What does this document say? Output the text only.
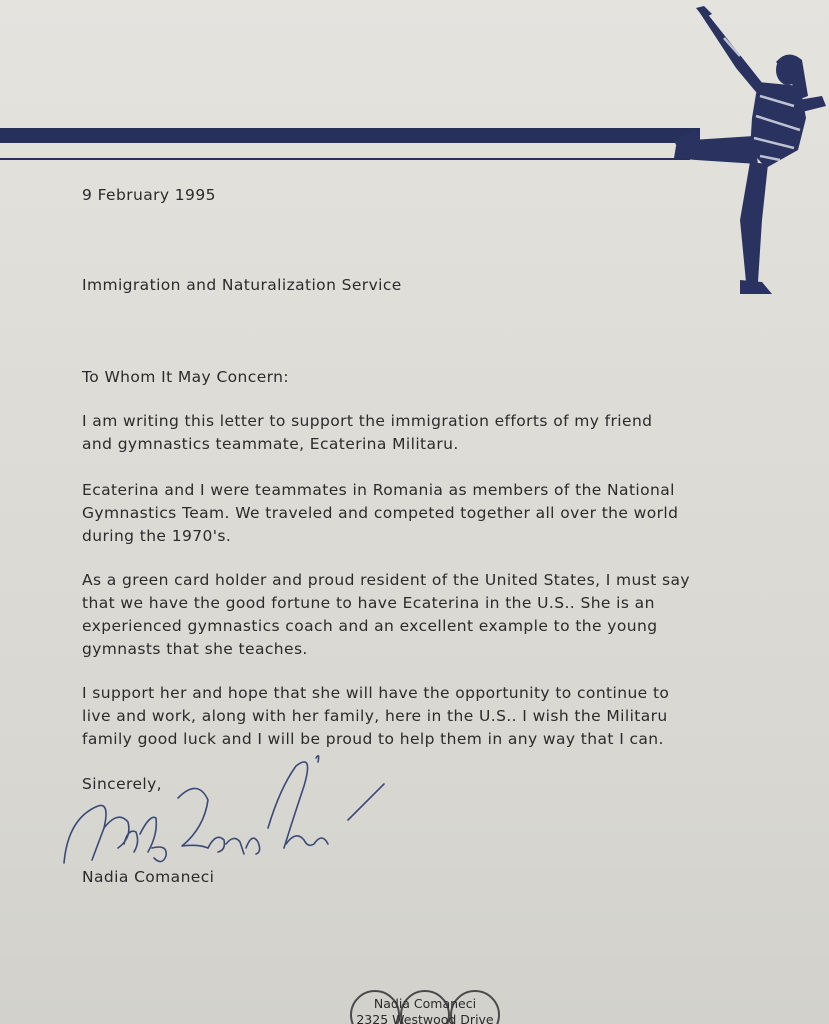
9 February 1995

Immigration and Naturalization Service

To Whom It May Concern:

I am writing this letter to support the immigration efforts of my friend
and gymnastics teammate, Ecaterina Militaru.
Ecaterina and I were teammates in Romania as members of the National
Gymnastics Team. We traveled and competed together all over the world
during the 1970's.
As a green card holder and proud resident of the United States, I must say
that we have the good fortune to have Ecaterina in the U.S.. She is an
experienced gymnastics coach and an excellent example to the young
gymnasts that she teaches.
I support her and hope that she will have the opportunity to continue to
live and work, along with her family, here in the U.S.. I wish the Militaru
family good luck and I will be proud to help them in any way that I can.

Sincerely,

Nadia Comaneci

Nadia Comaneci

2325 Westwood Drive
